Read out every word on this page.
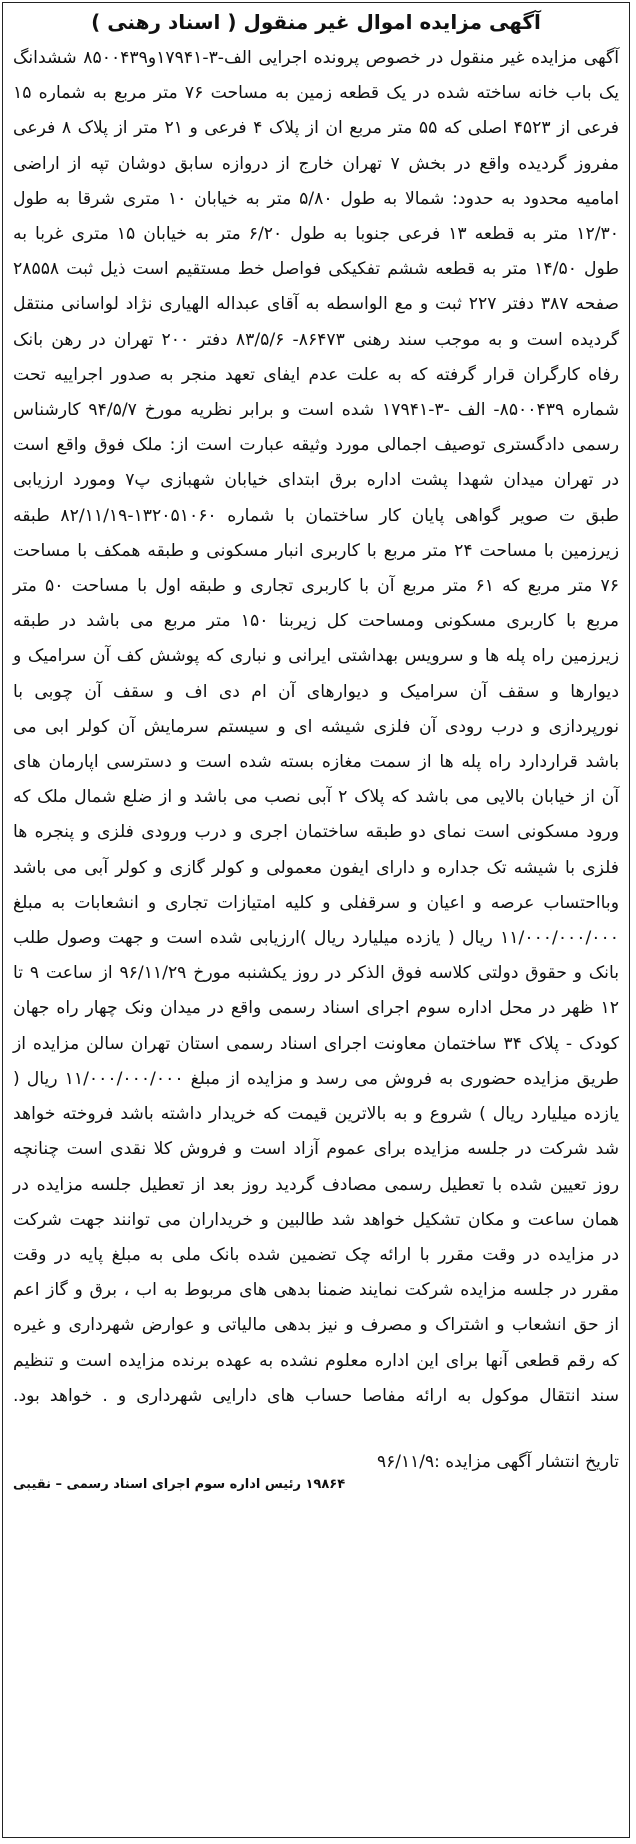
آگهی مزایده اموال غیر منقول ( اسناد رهنی )
آگهی مزایده غیر منقول در خصوص پرونده اجرایی الف-۳-۱۷۹۴۱و۸۵۰۰۴۳۹ ششدانگ یک باب خانه ساخته شده در یک قطعه زمین به مساحت ۷۶ متر مربع به شماره ۱۵ فرعی از ۴۵۲۳ اصلی که ۵۵ متر مربع ان از پلاک ۴ فرعی و ۲۱ متر از پلاک ۸ فرعی مفروز گردیده واقع در بخش ۷ تهران خارج از دروازه سابق دوشان تپه از اراضی امامیه محدود به حدود: شمالا به طول ۵/۸۰ متر به خیابان ۱۰ متری شرقا به طول ۱۲/۳۰ متر به قطعه ۱۳ فرعی جنوبا به طول ۶/۲۰ متر به خیابان ۱۵ متری غربا به طول ۱۴/۵۰ متر به قطعه ششم تفکیکی فواصل خط مستقیم است ذیل ثبت ۲۸۵۵۸ صفحه ۳۸۷ دفتر ۲۲۷ ثبت و مع الواسطه به آقای عبداله الهیاری نژاد لواسانی منتقل گردیده است و به موجب سند رهنی ۸۶۴۷۳- ۸۳/۵/۶ دفتر ۲۰۰ تهران در رهن بانک رفاه کارگران قرار گرفته که به علت عدم ایفای تعهد منجر به صدور اجراییه تحت شماره ۸۵۰۰۴۳۹- الف -۳-۱۷۹۴۱ شده است و برابر نظریه مورخ ۹۴/۵/۷ کارشناس رسمی دادگستری توصیف اجمالی مورد وثیقه عبارت است از: ملک فوق واقع است در تهران میدان شهدا پشت اداره برق ابتدای خیابان شهبازی پ۷ ومورد ارزیابی طبق ت صویر گواهی پایان کار ساختمان با شماره ۱۳۲۰۵۱۰۶۰-۸۲/۱۱/۱۹ طبقه زیرزمین با مساحت ۲۴ متر مربع با کاربری انبار مسکونی و طبقه همکف با مساحت ۷۶ متر مربع که ۶۱ متر مربع آن با کاربری تجاری و طبقه اول با مساحت ۵۰ متر مربع با کاربری مسکونی ومساحت کل زیربنا ۱۵۰ متر مربع می باشد در طبقه زیرزمین راه پله ها و سرویس بهداشتی ایرانی و نباری که پوشش کف آن سرامیک و دیوارها و سقف آن سرامیک و دیوارهای آن ام دی اف و سقف آن چوبی با نورپردازی و درب رودی آن فلزی شیشه ای و سیستم سرمایش آن کولر ابی می باشد قراردارد راه پله ها از سمت مغازه بسته شده است و دسترسی اپارمان های آن از خیابان بالایی می باشد که پلاک ۲ آبی نصب می باشد و از ضلع شمال ملک که ورود مسکونی است نمای دو طبقه ساختمان اجری و درب ورودی فلزی و پنجره ها فلزی با شیشه تک جداره و دارای ایفون معمولی و کولر گازی و کولر آبی می باشد وبااحتساب عرصه و اعیان و سرقفلی و کلیه امتیازات تجاری و انشعابات به مبلغ ۱۱/۰۰۰/۰۰۰/۰۰۰ ریال ( یازده میلیارد ریال )ارزیابی شده است و جهت وصول طلب بانک و حقوق دولتی کلاسه فوق الذکر در روز یکشنبه مورخ ۹۶/۱۱/۲۹ از ساعت ۹ تا ۱۲ ظهر در محل اداره سوم اجرای اسناد رسمی واقع در میدان ونک چهار راه جهان کودک - پلاک ۳۴ ساختمان معاونت اجرای اسناد رسمی استان تهران سالن مزایده از طریق مزایده حضوری به فروش می رسد و مزایده از مبلغ ۱۱/۰۰۰/۰۰۰/۰۰۰ ریال ( یازده میلیارد ریال ) شروع و به بالاترین قیمت که خریدار داشته باشد فروخته خواهد شد شرکت در جلسه مزایده برای عموم آزاد است و فروش کلا نقدی است چنانچه روز تعیین شده با تعطیل رسمی مصادف گردید روز بعد از تعطیل جلسه مزایده در همان ساعت و مکان تشکیل خواهد شد طالبین و خریداران می توانند جهت شرکت در مزایده در وقت مقرر با ارائه چک تضمین شده بانک ملی به مبلغ پایه در وقت مقرر در جلسه مزایده شرکت نمایند ضمنا بدهی های مربوط به اب ، برق و گاز اعم از حق انشعاب و اشتراک و مصرف و نیز بدهی مالیاتی و عوارض شهرداری و غیره که رقم قطعی آنها برای این اداره معلوم نشده به عهده برنده مزایده است و تنظیم سند انتقال موکول به ارائه مفاصا حساب های دارایی شهرداری و . خواهد بود.
تاریخ انتشار آگهی مزایده :۹۶/۱۱/۹
۱۹۸۶۴ رئیس اداره سوم اجرای اسناد رسمی – نقیبی
